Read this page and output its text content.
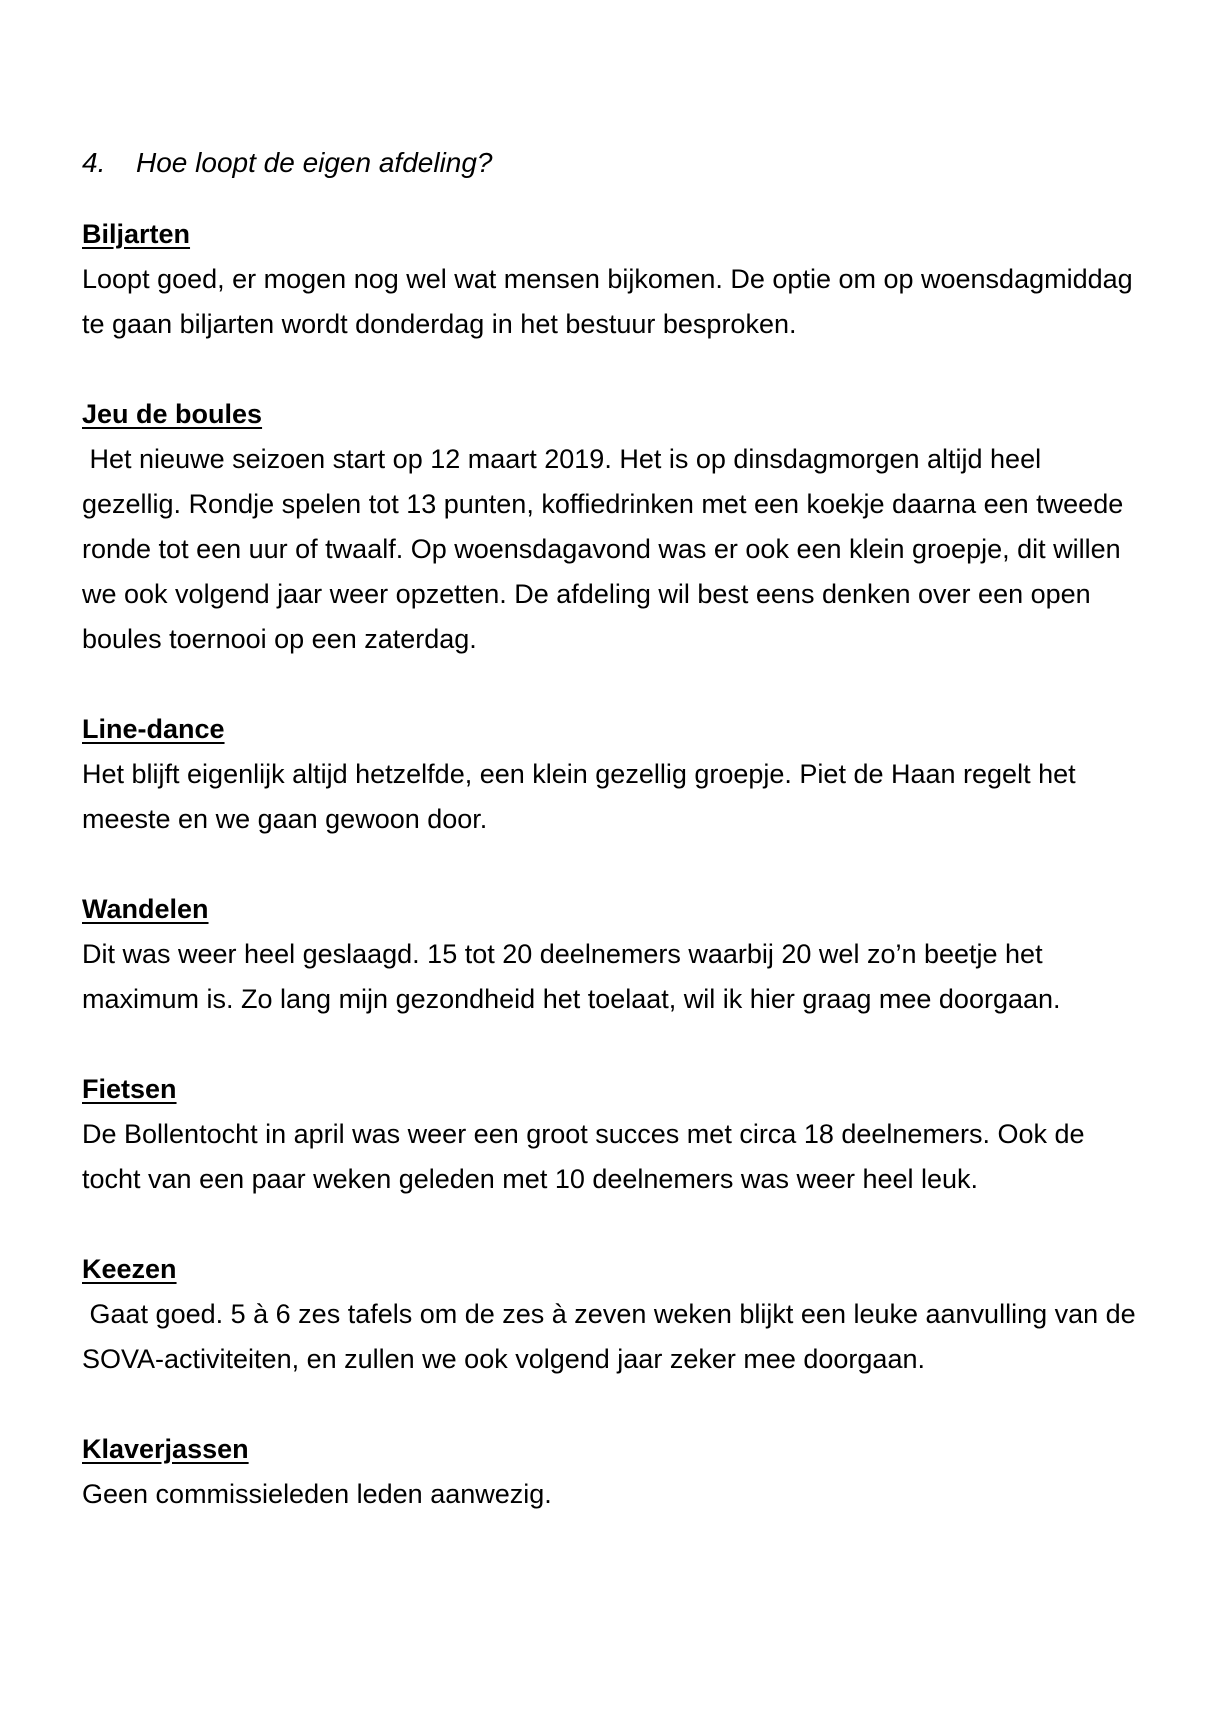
4. Hoe loopt de eigen afdeling?

Biljarten

Loopt goed, er mogen nog wel wat mensen bijkomen. De optie om op woensdagmiddag te gaan biljarten wordt donderdag in het bestuur besproken.

Jeu de boules

Het nieuwe seizoen start op 12 maart 2019. Het is op dinsdagmorgen altijd heel gezellig. Rondje spelen tot 13 punten, koffiedrinken met een koekje daarna een tweede ronde tot een uur of twaalf. Op woensdagavond was er ook een klein groepje, dit willen we ook volgend jaar weer opzetten. De afdeling wil best eens denken over een open boules toernooi op een zaterdag.

Line-dance

Het blijft eigenlijk altijd hetzelfde, een klein gezellig groepje. Piet de Haan regelt het meeste en we gaan gewoon door.

Wandelen

Dit was weer heel geslaagd. 15 tot 20 deelnemers waarbij 20 wel zo’n beetje het maximum is. Zo lang mijn gezondheid het toelaat, wil ik hier graag mee doorgaan.

Fietsen

De Bollentocht in april was weer een groot succes met circa 18 deelnemers. Ook de tocht van een paar weken geleden met 10 deelnemers was weer heel leuk.

Keezen

Gaat goed. 5 à 6 zes tafels om de zes à zeven weken blijkt een leuke aanvulling van de SOVA-activiteiten, en zullen we ook volgend jaar zeker mee doorgaan.

Klaverjassen

Geen commissieleden leden aanwezig.
